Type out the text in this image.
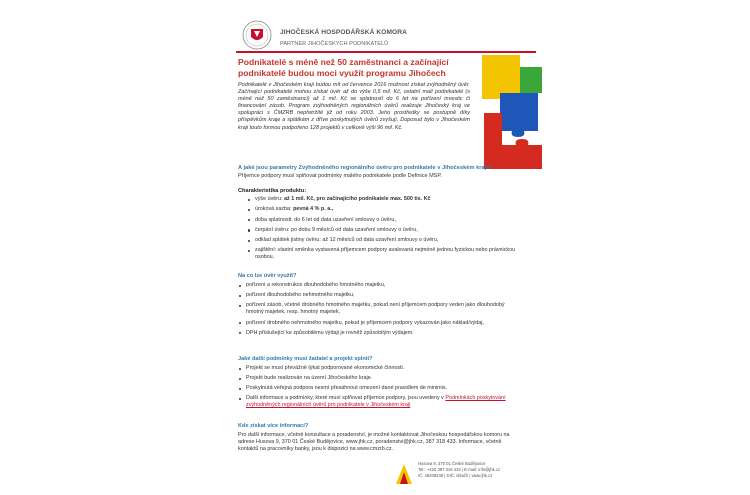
JIHOČESKÁ HOSPODÁŘSKÁ KOMORA
PARTNER JIHOČESKÝCH PODNIKATELŮ
Podnikatelé s méně než 50 zaměstnanci a začínající podnikatelé budou moci využít programu Jihočech
Podnikatelé v Jihočeském kraji budou mít od července 2016 možnost získat zvýhodněný úvěr. Začínající podnikatelé mohou získat úvěr až do výše 0,5 mil. Kč, ostatní malí podnikatelé (s méně než 50 zaměstnanci) až 1 mil. Kč se splatností do 6 let na pořízení investic či financování zásob. Program zvýhodněných regionálních úvěrů realizuje Jihočeský kraj ve spolupráci s ČMZRB nepřetržitě již od roku 2003. Jeho prostředky se postupně díky příspěvkům kraje a splátkám z dříve poskytnutých úvěrů zvyšují. Doposud bylo v Jihočeském kraji touto formou podpořeno 128 projektů v celkové výši 96 mil. Kč.
A jaké jsou parametry Zvýhodněného regionálního úvěru pro podnikatele v Jihočeském kraji?
Příjemce podpory musí splňovat podmínky malého podnikatele podle Definice MSP.
Charakteristika produktu:
výše úvěru: až 1 mil. Kč, pro začínajícího podnikatele max. 500 tis. Kč
úroková sazba: pevná 4 % p. a.,
doba splatnosti: do 6 let od data uzavření smlouvy o úvěru,
čerpání úvěru: po dobu 9 měsíců od data uzavření smlouvy o úvěru,
odklad splátek jistiny úvěru: až 12 měsíců od data uzavření smlouvy o úvěru,
zajištění: vlastní směnka vystavená příjemcem podpory avalovaná nejméně jednou fyzickou nebo právnickou osobou.
Na co lze úvěr využít?
pořízení a rekonstrukce dlouhodobého hmotného majetku,
pořízení dlouhodobého nehmotného majetku,
pořízení zásob, včetně drobného hmotného majetku, pokud není příjemcem podpory veden jako dlouhodobý hmotný majetek, resp. hmotný majetek,
pořízení drobného nehmotného majetku, pokud je příjemcem podpory vykazován jako náklad/výdaj,
DPH příslušející ke způsobilému výdaji je rovněž způsobilým výdajem.
Jaké další podmínky musí žadatel a projekt splnit?
Projekt se musí převážně týkat podporované ekonomické činnosti.
Projekt bude realizován na území Jihočeského kraje.
Poskytnutá veřejná podpora nesmí přesáhnout omezení dané pravidlem de minimis.
Další informace a podmínky, které musí splňovat příjemce podpory, jsou uvedeny v Podmínkách poskytování zvýhodněných regionálních úvěrů pro podnikatele v Jihočeském kraji
Kde získat více informací?
Pro další informace, včetně konzultace a poradenství, je možné kontaktovat Jihočeskou hospodářskou komoru na adrese Husova 9, 370 01 České Budějovice, www.jhk.cz, poradenstvi@jhk.cz, 387 318 433. Informace, včetně kontaktů na pracovníky banky, jsou k dispozici na www.cmzrb.cz.
Husova 9, 370 01 České Budějovice
Tel.: +420 387 318 433 | E-mail: info@jhk.cz
IČ: 48208248 | DIČ: nitlačh | www.jhk.cz
